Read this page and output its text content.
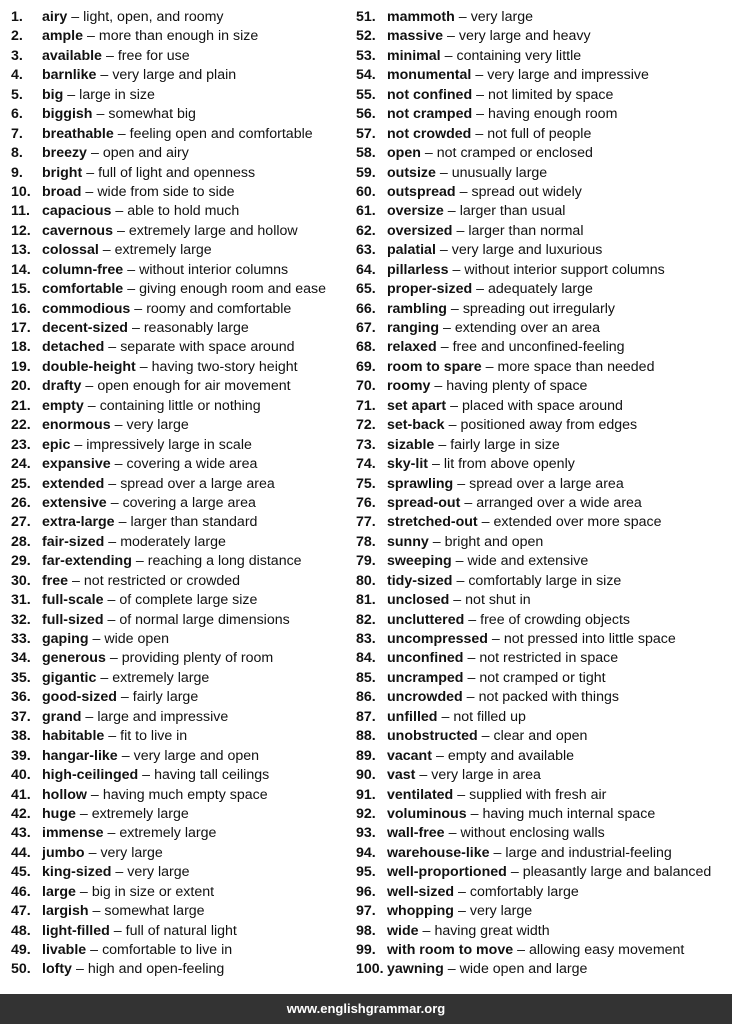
1. airy – light, open, and roomy
2. ample – more than enough in size
3. available – free for use
4. barnlike – very large and plain
5. big – large in size
6. biggish – somewhat big
7. breathable – feeling open and comfortable
8. breezy – open and airy
9. bright – full of light and openness
10. broad – wide from side to side
11. capacious – able to hold much
12. cavernous – extremely large and hollow
13. colossal – extremely large
14. column-free – without interior columns
15. comfortable – giving enough room and ease
16. commodious – roomy and comfortable
17. decent-sized – reasonably large
18. detached – separate with space around
19. double-height – having two-story height
20. drafty – open enough for air movement
21. empty – containing little or nothing
22. enormous – very large
23. epic – impressively large in scale
24. expansive – covering a wide area
25. extended – spread over a large area
26. extensive – covering a large area
27. extra-large – larger than standard
28. fair-sized – moderately large
29. far-extending – reaching a long distance
30. free – not restricted or crowded
31. full-scale – of complete large size
32. full-sized – of normal large dimensions
33. gaping – wide open
34. generous – providing plenty of room
35. gigantic – extremely large
36. good-sized – fairly large
37. grand – large and impressive
38. habitable – fit to live in
39. hangar-like – very large and open
40. high-ceilinged – having tall ceilings
41. hollow – having much empty space
42. huge – extremely large
43. immense – extremely large
44. jumbo – very large
45. king-sized – very large
46. large – big in size or extent
47. largish – somewhat large
48. light-filled – full of natural light
49. livable – comfortable to live in
50. lofty – high and open-feeling
51. mammoth – very large
52. massive – very large and heavy
53. minimal – containing very little
54. monumental – very large and impressive
55. not confined – not limited by space
56. not cramped – having enough room
57. not crowded – not full of people
58. open – not cramped or enclosed
59. outsize – unusually large
60. outspread – spread out widely
61. oversize – larger than usual
62. oversized – larger than normal
63. palatial – very large and luxurious
64. pillarless – without interior support columns
65. proper-sized – adequately large
66. rambling – spreading out irregularly
67. ranging – extending over an area
68. relaxed – free and unconfined-feeling
69. room to spare – more space than needed
70. roomy – having plenty of space
71. set apart – placed with space around
72. set-back – positioned away from edges
73. sizable – fairly large in size
74. sky-lit – lit from above openly
75. sprawling – spread over a large area
76. spread-out – arranged over a wide area
77. stretched-out – extended over more space
78. sunny – bright and open
79. sweeping – wide and extensive
80. tidy-sized – comfortably large in size
81. unclosed – not shut in
82. uncluttered – free of crowding objects
83. uncompressed – not pressed into little space
84. unconfined – not restricted in space
85. uncramped – not cramped or tight
86. uncrowded – not packed with things
87. unfilled – not filled up
88. unobstructed – clear and open
89. vacant – empty and available
90. vast – very large in area
91. ventilated – supplied with fresh air
92. voluminous – having much internal space
93. wall-free – without enclosing walls
94. warehouse-like – large and industrial-feeling
95. well-proportioned – pleasantly large and balanced
96. well-sized – comfortably large
97. whopping – very large
98. wide – having great width
99. with room to move – allowing easy movement
100. yawning – wide open and large
www.englishgrammar.org
